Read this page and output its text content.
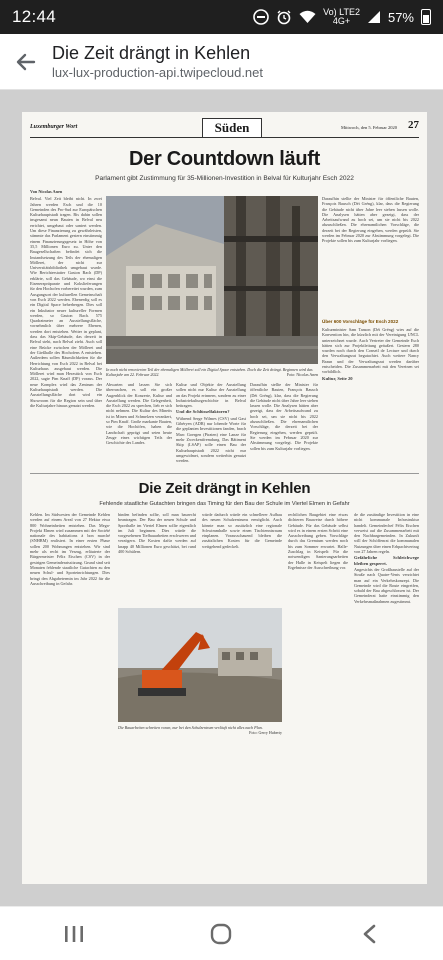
12:44	Vo) LTE2
4G+	57%
Die Zeit drängt in Kehlen
lux-lux-production-api.twipecloud.net
Luxemburger Wort	Süden	Mittwoch, den 5. Februar 2020 27
Der Countdown läuft
Parlament gibt Zustimmung für 35-Millionen-Investition in Belval für Kulturjahr Esch 2022
Von Nicolas Anen
Belval. Viel Zeit bleibt nicht. In zwei Jahren werden Esch und die 10 Gemeinden des Pro-Sud zur Europäischen Kulturhauptstadt tragen. Bis dahin sollen insgesamt neun Bauten in Belval neu errichtet, umgebaut oder saniert werden. Um diese Finanzierung zu gewährleisten, stimmte das Parlament gestern einstimmig einem Finanzierungsgesetz in Höhe von 35,5 Millionen Euro zu. Unter den Baugesellschaften befindet sich die Instandsetzung des Teils der ehemaligen Möllerei, der nicht zur Universitätsbibliothek umgebaut wurde. Wie Berichterstatter Gaston Bach (DP) erklärte, soll das Gebäude, wo einst die Eisenerzpräparate und Kokslieferungen für den Hochofen vorbereitet wurden, zum Ausgangsort der kulturellen Gemeinschaft von Esch 2022 werden. Ebenerdig soll es ein Digital Space beherbergen. Dies soll ein Inkubator neuer kultureller Formen werden, so Gaston Bach. 575 Quadratmeter an Ausstellungsfläche, vornehmlich über mehrere Ebenen, werden dort entstehen. Weiter in geplant, dass das Skip-Gebäude, das derzeit in Belval steht, nach Belval zieht. Auch soll eine Brücke zwischen der Möllerei und der Gießhalle des Hochofens A entstehen. Außerdem sollen Räumlichkeiten für die Herrichtung von Esch 2022 in Belval bei Kulturhaus ausgebaut werden. Die Möllerei wird man Herzstück von Esch 2022, sagte Pim Knaff (DP) voraus. Der neue Komplex wird das Zentrum der Kulturhauptstadt werden. Die Ausstellungsfläche dort wird ein Showroom für die Region sein und über die Kulturjahre hinaus genutzt werden.
In noch nicht renovierten Teil der ehemaligen Möllerei soll ein Digital Space entstehen. Doch die Zeit drängt. Beginnen wird das Kulturjahr am 22. Februar 2022.	Foto: Nicolas Anen
Abwarten und lassen Sie sich überraschen, es soll ein großer Augenblick der Konzerte, Kultur und Ausstellung werden. Die Gelegenheit, die Esch 2022 zu sprechen, lieb er sich nicht nehmen. Die Kultur des Minetts ist in Minen und Schmelzen verankert, so Pim Knaff. Große markante Bauten, wie die Hochöfen, haben die Landschaft geprägt und seien heute Zeuge eines wichtigen Teils der Geschichte des Landes.
Kultur und Objekte der Ausstellung sollen nicht nur Kultur der Ausstellung an das Projekt erinnern, sondern zu einer Industriekulturgeschichte in Belval beitragen.
Und die Schlüsselfaktoren?
Während Serge Wilmes (CSV) und Gast Gibéryen (ADR) nur lobende Worte für die geplanten Investitionen fanden, brach Marc Goergen (Piraten) eine Lanze für mehr Zweckentfremdung. Das Bâtiment Skip (LSAP) solle einen Bau der Kulturhauptstadt 2022 nicht nur umgewidmet, sondern weiterhin genutzt werden.
Daraufhin stellte der Minister für öffentliche Bauten, François Bausch (Déi Gréng), klar, dass die Regierung die Gebäude nicht über Jahre leer stehen lassen wolle. Die Analysen hätten aber gezeigt, dass der Arbeitsaufwand zu hoch sei, um sie nicht bis 2022 abzuschließen. Die ehrenamtlichen Vorschläge, die derzeit bei der Regierung eingehen, werden geprüft. Sie werden im Februar 2020 zur Abstimmung vorgelegt. Die Projekte sollen bis zum Kulturjahr vorliegen.
Daraufhin stellte der Minister für öffentliche Bauten, François Bausch (Déi Gréng), klar, dass die Regierung die Gebäude nicht über Jahre leer stehen lassen wolle. Die Analysen hätten aber gezeigt, dass der Arbeitsaufwand zu hoch sei, um sie nicht bis 2022 abzuschließen. Die ehrenamtlichen Vorschläge, die derzeit bei der Regierung eingehen, werden geprüft. Sie werden im Februar 2020 zur Abstimmung vorgelegt. Die Projekte sollen bis zum Kulturjahr vorliegen.
Über 600 Vorschläge für Esch 2022
Kulturminister Sam Tanson (Déi Gréng) wies auf die Konvention hin, die kürzlich mit der Vereinigung UNCL unterzeichnet wurde. Auch Vertreter der Gemeinde Esch hätten sich zur Projektleitung geäußert. Gestern 280 wurden noch durch den Conseil de Lecture und durch den Verwaltungsrat begutachtet. Auch weitere Nancy Braun und der Verwaltungsrat werden darüber entscheiden. Die Zusammenarbeit mit den Vereinen sei vorbildlich.
Kultur, Seite 20
Die Zeit drängt in Kehlen
Fehlende staatliche Gutachten bringen das Timing für den Bau der Schule im Viertel Elmen in Gefahr
Kehlen. Im Südwesten der Gemeinde Kehlen werden auf einem Areal von 27 Hektar etwa 800 Wohneinheiten entstehen. Das Mega-Projekt Elmen wird zusammen mit der Société nationale des habitations à bon marché (SNHBM) realisiert. In einer ersten Phase sollen 200 Wohnungen entstehen. Wir sind mehr als recht im Verzug, erläuterte der Bürgermeister Félix Eischen (CSV) in der gestrigen Gemeinderatssitzung. Grund sind seit Monaten fehlende staatliche Gutachten zu den neuen Schul- und Sporteinrichtungen. Dies bringt den Abgabetermin im Jahr 2022 für die Ausschreibung in Gefahr.
binden befinden sollte, soll man baurecht beantragen. Der Bau der neuen Schule und Sporthalle im Viertel Elmen sollte eigentlich im Juli beginnen. Dies würde die vorgesehenen Tiefbauarbeiten erschweren und verzögern. Die Kosten dafür werden auf knapp 40 Millionen Euro geschätzt, bei rund 400 Schülern.
würde dadurch würde ein schnellerer Aufbau des neuen Schulzentrums ermöglicht. Auch könnte man so zusätzlich eine regionale Schwimmhalle sowie einen Tischtennisraum einplanen. Vorausschauend bleiben die zusätzlichen Kosten für die Gemeinde weitgehend gedeckelt.
Die Bauarbeiten schreiten voran, nur bei den Schulzentrum verläuft nicht alles nach Plan.
Foto: Gerry Huberty
rechtlichen Baugebiet eine etwas dichteren Bauweise durch höhere Gebäude. Für das Gebäude selbst wird es in einem ersten Schritt eine Ausschreibung geben. Vorschläge durch das Gremium werden noch bis zum Sommer erwartet. Halle-Zuschlag in Keispelt: Für die notwendigen Sanierungsarbeiten der Halle in Keispelt liegen die Ergebnisse der Ausschreibung vor.
de die zuständige Investition in eine nicht kommunale Infrastruktur handelt. Gemeindechef Félix Eischen verweist auf die Zusammenarbeit mit den Nachbargemeinden. In Zukunft will der Schöffenrat die kommunalen Nutzungen über einen Erbpachtvertrag von 27 Jahren regeln.
Gefährliche Schleichwege bleiben gesperrt.
Angesichts der Großbaustelle auf der Straße nach Quatre-Vents verzichtet man auf ein Verkehrskonzept. Die Gemeinde wird die Route eingreifen, sobald der Bau abgeschlossen ist. Der Gemeinderat hatte einstimmig den Verkehrsmaßnahmen zugestimmt.
